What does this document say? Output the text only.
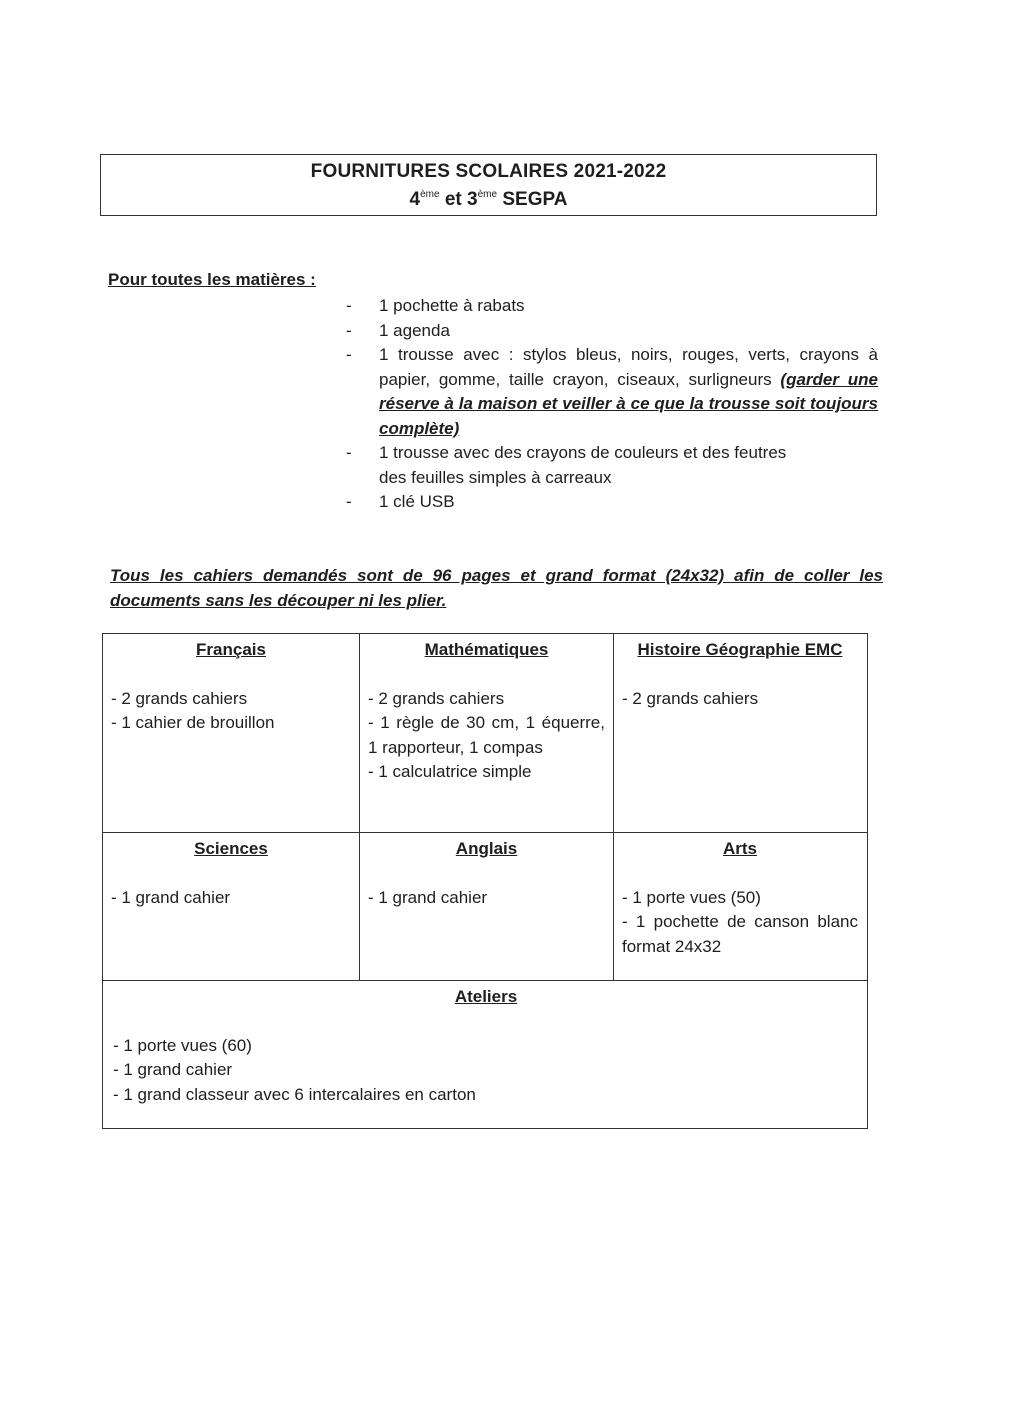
FOURNITURES SCOLAIRES 2021-2022
4ème et 3ème SEGPA
Pour toutes les matières :
- 1 pochette à rabats
- 1 agenda
- 1 trousse avec : stylos bleus, noirs, rouges, verts, crayons à papier, gomme, taille crayon, ciseaux, surligneurs (garder une réserve à la maison et veiller à ce que la trousse soit toujours complète)
- 1 trousse avec des crayons de couleurs et des feutres
des feuilles simples à carreaux
- 1 clé USB
Tous les cahiers demandés sont de 96 pages et grand format (24x32) afin de coller les documents sans les découper ni les plier.
Français
- 2 grands cahiers
- 1 cahier de brouillon
Mathématiques
- 2 grands cahiers
- 1 règle de 30 cm, 1 équerre, 1 rapporteur, 1 compas
- 1 calculatrice simple
Histoire Géographie EMC
- 2 grands cahiers
Sciences
- 1 grand cahier
Anglais
- 1 grand cahier
Arts
- 1 porte vues (50)
- 1 pochette de canson blanc format 24x32
Ateliers
- 1 porte vues (60)
- 1 grand cahier
- 1 grand classeur avec 6 intercalaires en carton
